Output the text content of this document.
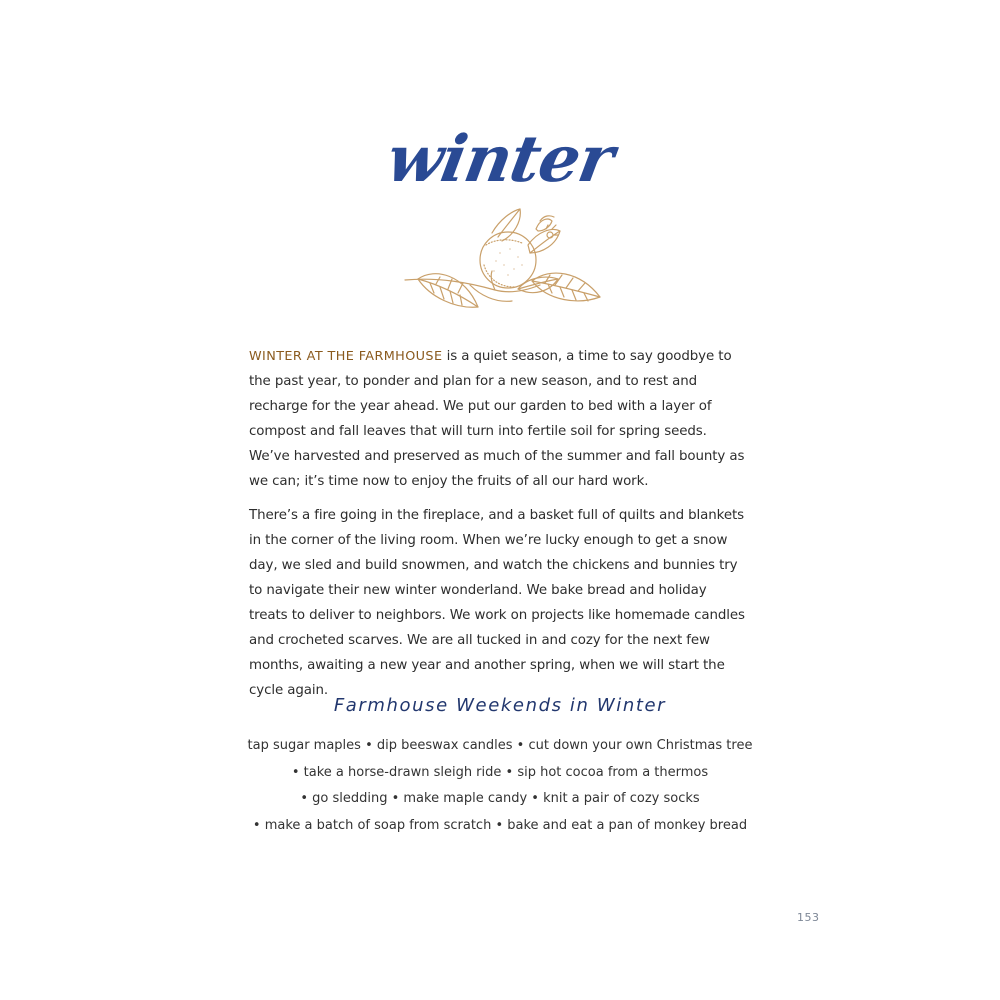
winter

WINTER AT THE FARMHOUSE is a quiet season, a time to say goodbye to the past year, to ponder and plan for a new season, and to rest and recharge for the year ahead. We put our garden to bed with a layer of compost and fall leaves that will turn into fertile soil for spring seeds. We’ve harvested and preserved as much of the summer and fall bounty as we can; it’s time now to enjoy the fruits of all our hard work.

There’s a fire going in the fireplace, and a basket full of quilts and blankets in the corner of the living room. When we’re lucky enough to get a snow day, we sled and build snowmen, and watch the chickens and bunnies try to navigate their new winter wonderland. We bake bread and holiday treats to deliver to neighbors. We work on projects like homemade candles and crocheted scarves. We are all tucked in and cozy for the next few months, awaiting a new year and another spring, when we will start the cycle again.

Farmhouse Weekends in Winter
tap sugar maples • dip beeswax candles • cut down your own Christmas tree
• take a horse-drawn sleigh ride • sip hot cocoa from a thermos
• go sledding • make maple candy • knit a pair of cozy socks
• make a batch of soap from scratch • bake and eat a pan of monkey bread
153
